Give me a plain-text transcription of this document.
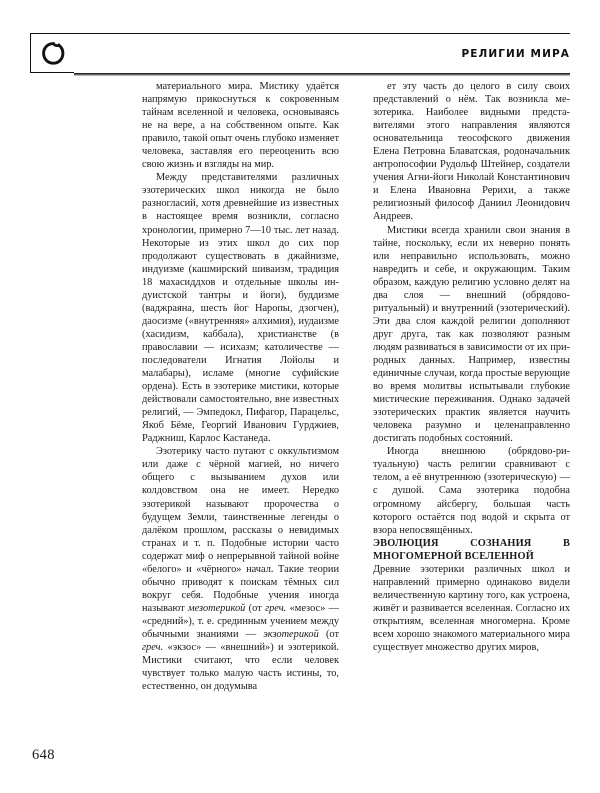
РЕЛИГИИ МИРА

материального мира. Мистику удаётся напрямую прикоснуться к сокровенным тайнам вселенной и человека, основываясь не на вере, а на собственном опыте. Как правило, такой опыт очень глубоко изменяет человека, заставляя его переоценить всю свою жизнь и взгляды на мир.

Между представителями различных эзотерических школ никогда не было разногласий, хотя древнейшие из известных в настоящее время возникли, согласно хронологии, примерно 7—10 тыс. лет назад. Некоторые из этих школ до сих пор продолжают существовать в джайнизме, индуизме (кашмирский шиваизм, традиция 18 махасиддхов и отдельные школы индуистской тантры и йоги), буддизме (ваджраяна, шесть йог Наропы, дзогчен), даосизме («внутренняя» алхимия), иудаизме (хасидизм, каббала), христианстве (в православии — исихазм; католичестве — последователи Игнатия Лойолы и малабары), исламе (многие суфийские ордена). Есть в эзотерике мистики, которые действовали самостоятельно, вне известных религий, — Эмпедокл, Пифагор, Парацельс, Якоб Бёме, Георгий Иванович Гурджиев, Раджниш, Карлос Кастанеда.

Эзотерику часто путают с оккультизмом или даже с чёрной магией, но ничего общего с вызыванием духов или колдовством она не имеет. Нередко эзотерикой называют пророчества о будущем Земли, таинственные легенды о далёком прошлом, рассказы о невидимых странах и т. п. Подобные истории часто содержат миф о непрерывной тайной войне «белого» и «чёрного» начал. Такие теории обычно приводят к поискам тёмных сил вокруг себя. Подобные учения иногда называют мезотерикой (от греч. «мезос» — «средний»), т. е. срединным учением между обычными знаниями — экзотерикой (от греч. «экзос» — «внешний») и эзотерикой. Мистики считают, что если человек чувствует только малую часть истины, то, естественно, он додумыва

ет эту часть до целого в силу своих представлений о нём. Так возникла мезотерика. Наиболее видными представителями этого направления являются основательница теософского движения Елена Петровна Блаватская, родоначальник антропософии Рудольф Штейнер, создатели учения Агни-йоги Николай Константинович и Елена Ивановна Рерихи, а также религиозный философ Даниил Леонидович Андреев.

Мистики всегда хранили свои знания в тайне, поскольку, если их неверно понять или неправильно использовать, можно навредить и себе, и окружающим. Таким образом, каждую религию условно делят на два слоя — внешний (обрядово-ритуальный) и внутренний (эзотерический). Эти два слоя каждой религии дополняют друг друга, так как позволяют разным людям развиваться в зависимости от их природных данных. Например, известны единичные случаи, когда простые верующие во время молитвы испытывали глубокие мистические переживания. Однако задачей эзотерических практик является научить человека разумно и целенаправленно достигать подобных состояний.

Иногда внешнюю (обрядово-ритуальную) часть религии сравнивают с телом, а её внутреннюю (эзотерическую) — с душой. Сама эзотерика подобна огромному айсбергу, большая часть которого остаётся под водой и скрыта от взора непосвящённых.

ЭВОЛЮЦИЯ СОЗНАНИЯ В МНОГОМЕРНОЙ ВСЕЛЕННОЙ

Древние эзотерики различных школ и направлений примерно одинаково видели величественную картину того, как устроена, живёт и развивается вселенная. Согласно их открытиям, вселенная многомерна. Кроме всем хорошо знакомого материального мира существует множество других миров,

648
